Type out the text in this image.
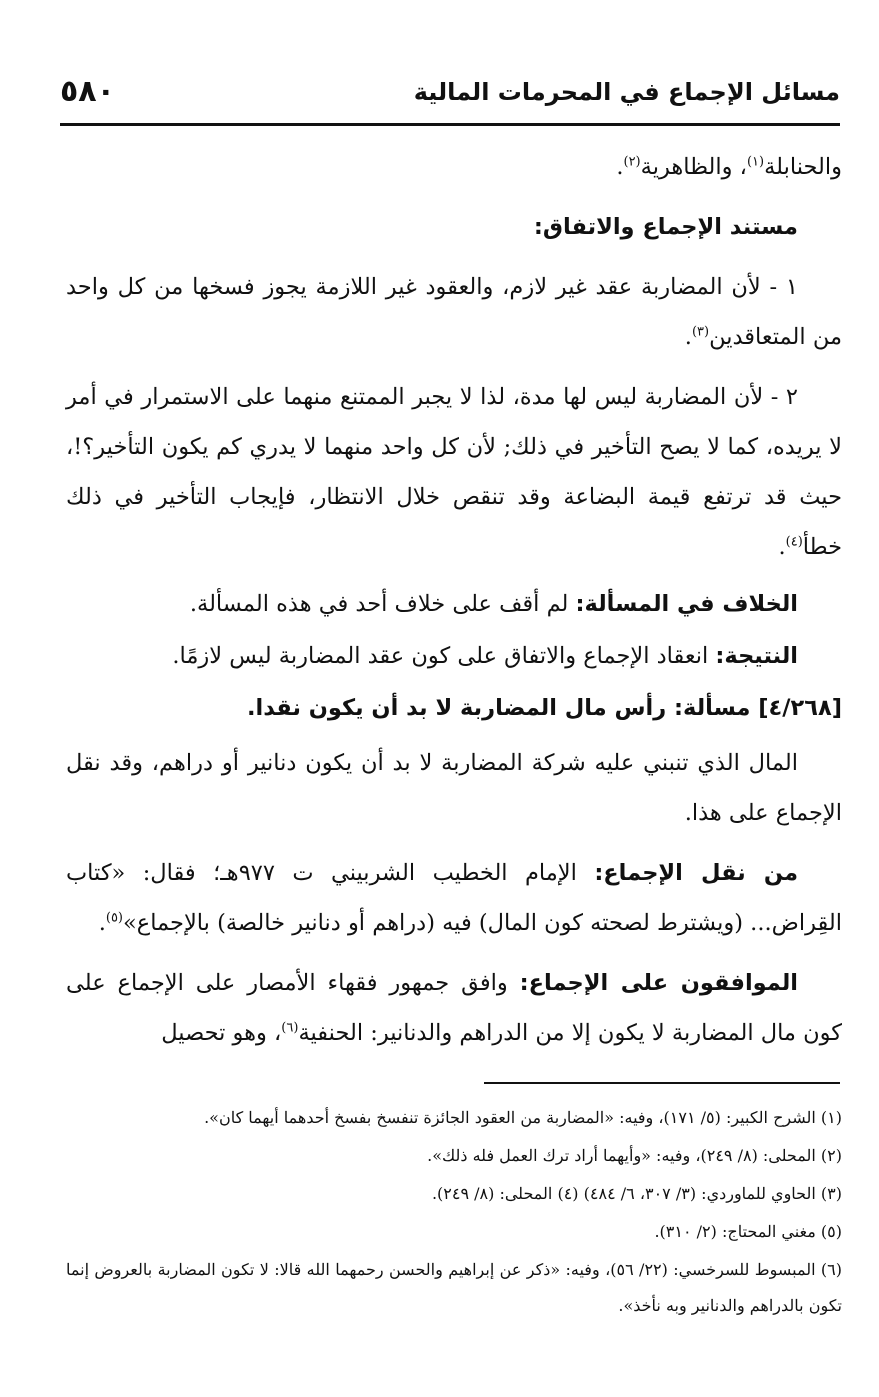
مسائل الإجماع في المحرمات المالية
٥٨٠

والحنابلة$^{(١)}$، والظاهرية$^{(٢)}$.

مستند الإجماع والاتفاق:

١ - لأن المضاربة عقد غير لازم، والعقود غير اللازمة يجوز فسخها من كل واحد من المتعاقدين$^{(٣)}$.

٢ - لأن المضاربة ليس لها مدة، لذا لا يجبر الممتنع منهما على الاستمرار في أمر لا يريده، كما لا يصح التأخير في ذلك; لأن كل واحد منهما لا يدري كم يكون التأخير؟!، حيث قد ترتفع قيمة البضاعة وقد تنقص خلال الانتظار، فإيجاب التأخير في ذلك خطأ$^{(٤)}$.

الخلاف في المسألة: لم أقف على خلاف أحد في هذه المسألة.

النتيجة: انعقاد الإجماع والاتفاق على كون عقد المضاربة ليس لازمًا.

[٤/٢٦٨] مسألة: رأس مال المضاربة لا بد أن يكون نقدا.

المال الذي تنبني عليه شركة المضاربة لا بد أن يكون دنانير أو دراهم، وقد نقل الإجماع على هذا.

من نقل الإجماع: الإمام الخطيب الشربيني ت ٩٧٧هـ؛ فقال: «كتاب القِراض... (ويشترط لصحته كون المال) فيه (دراهم أو دنانير خالصة) بالإجماع»$^{(٥)}$.

الموافقون على الإجماع: وافق جمهور فقهاء الأمصار على الإجماع على كون مال المضاربة لا يكون إلا من الدراهم والدنانير: الحنفية$^{(٦)}$، وهو تحصيل

(١) الشرح الكبير: (٥/ ١٧١)، وفيه: «المضاربة من العقود الجائزة تنفسخ بفسخ أحدهما أيهما كان».

(٢) المحلى: (٨/ ٢٤٩)، وفيه: «وأيهما أراد ترك العمل فله ذلك».

(٣) الحاوي للماوردي: (٣/ ٣٠٧، ٦/ ٤٨٤) (٤) المحلى: (٨/ ٢٤٩).

(٥) مغني المحتاج: (٢/ ٣١٠).

(٦) المبسوط للسرخسي: (٢٢/ ٥٦)، وفيه: «ذكر عن إبراهيم والحسن رحمهما الله قالا: لا تكون المضاربة بالعروض إنما تكون بالدراهم والدنانير وبه نأخذ».
